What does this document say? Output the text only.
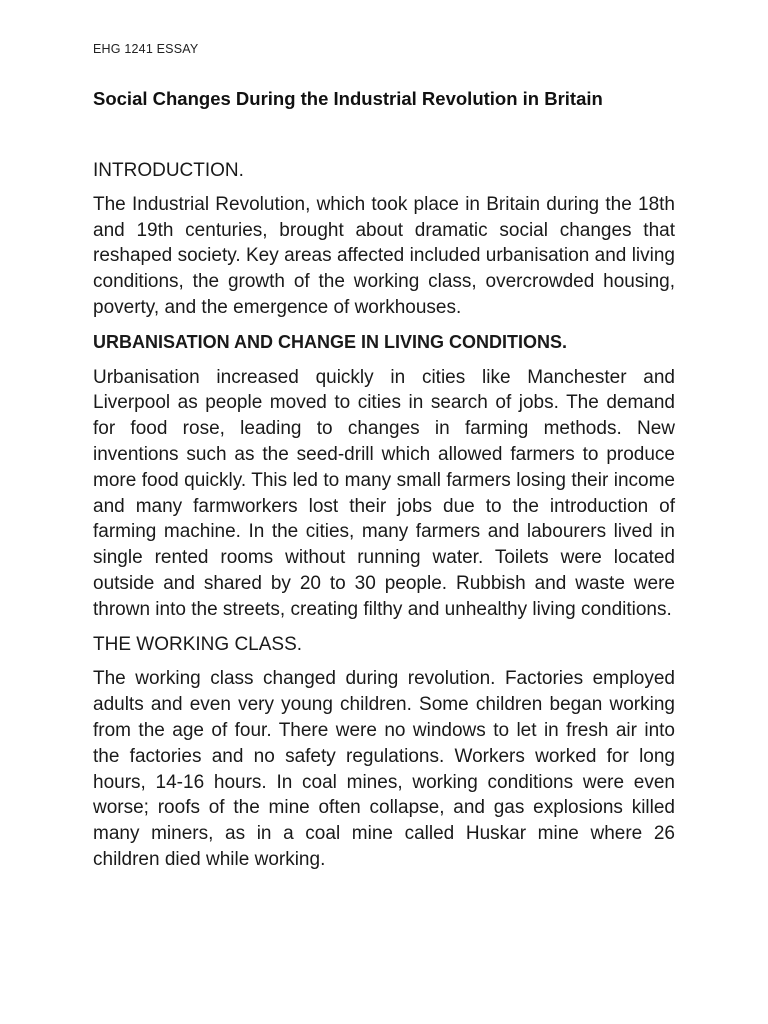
EHG 1241 ESSAY
Social Changes During the Industrial Revolution in Britain

INTRODUCTION.

The Industrial Revolution, which took place in Britain during the 18th and 19th centuries, brought about dramatic social changes that reshaped society. Key areas affected included urbanisation and living conditions, the growth of the working class, overcrowded housing, poverty, and the emergence of workhouses.

URBANISATION AND CHANGE IN LIVING CONDITIONS.

Urbanisation increased quickly in cities like Manchester and Liverpool as people moved to cities in search of jobs. The demand for food rose, leading to changes in farming methods. New inventions such as the seed-drill which allowed farmers to produce more food quickly. This led to many small farmers losing their income and many farmworkers lost their jobs due to the introduction of farming machine. In the cities, many farmers and labourers lived in single rented rooms without running water. Toilets were located outside and shared by 20 to 30 people. Rubbish and waste were thrown into the streets, creating filthy and unhealthy living conditions.

THE WORKING CLASS.

The working class changed during revolution. Factories employed adults and even very young children. Some children began working from the age of four. There were no windows to let in fresh air into the factories and no safety regulations. Workers worked for long hours, 14-16 hours. In coal mines, working conditions were even worse; roofs of the mine often collapse, and gas explosions killed many miners, as in a coal mine called Huskar mine where 26 children died while working.
